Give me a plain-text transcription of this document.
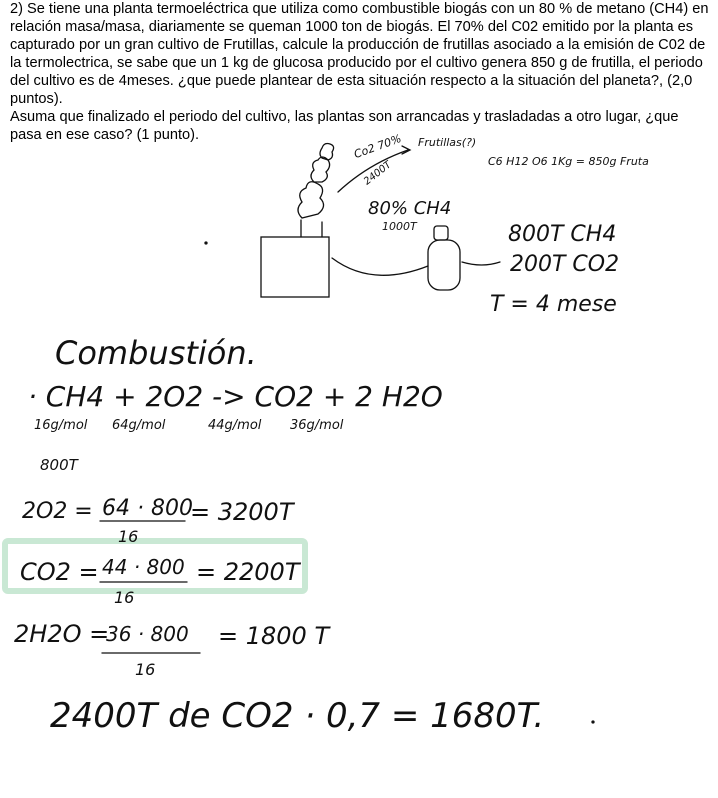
2) Se tiene una planta termoeléctrica que utiliza como combustible biogás con un 80 % de metano (CH4) en relación masa/masa, diariamente se queman 1000 ton de biogás. El 70% del C02 emitido por la planta es capturado por un gran cultivo de Frutillas, calcule la producción de frutillas asociado a la emisión de C02 de la termolectrica, se sabe que un 1 kg de glucosa producido por el cultivo genera 850 g de frutilla, el periodo del cultivo es de 4meses. ¿que puede plantear de esta situación respecto a la situación del planeta?, (2,0 puntos).

Asuma que finalizado el periodo del cultivo, las plantas son arrancadas y trasladadas a otro lugar, ¿que pasa en ese caso? (1 punto).	Co2 70% Frutillas(?)
2400T	C6 H12 O6 1Kg = 850g Fruta
80% CH4
1000T	800T CH4
200T CO2
T = 4 mese
Combustión.
· CH4 + 2O2 -> CO2 + 2 H2O
16g/mol 64g/mol	44g/mol 36g/mol
800T
2O2 = 64 · 800
16
= 3200T
CO2 = 44 · 800
16
= 2200T
2H2O =
36 · 800
16
= 1800 T
2400T de CO2 · 0,7 = 1680T.
